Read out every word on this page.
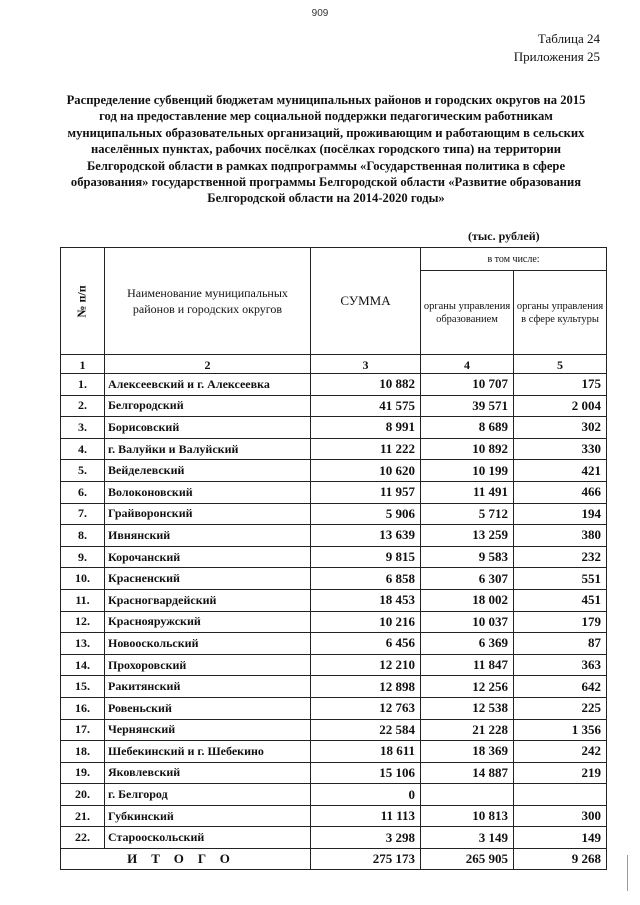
909
Таблица 24
Приложения 25
Распределение субвенций бюджетам муниципальных районов и городских округов на 2015 год на предоставление мер социальной поддержки педагогическим работникам муниципальных образовательных организаций, проживающим и работающим в сельских населённых пунктах, рабочих посёлках (посёлках городского типа) на территории Белгородской области в рамках подпрограммы «Государственная политика в сфере образования» государственной программы Белгородской области «Развитие образования Белгородской области на 2014-2020 годы»
(тыс. рублей)
№ п/п	Наименование муниципальных районов и городских округов	СУММА	в том числе:	
			органы управления образованием	органы управления в сфере культуры
1	2	3	4	5
1.	Алексеевский и г. Алексеевка	10 882	10 707	175
2.	Белгородский	41 575	39 571	2 004
3.	Борисовский	8 991	8 689	302
4.	г. Валуйки и Валуйский	11 222	10 892	330
5.	Вейделевский	10 620	10 199	421
6.	Волоконовский	11 957	11 491	466
7.	Грайворонский	5 906	5 712	194
8.	Ивнянский	13 639	13 259	380
9.	Корочанский	9 815	9 583	232
10.	Красненский	6 858	6 307	551
11.	Красногвардейский	18 453	18 002	451
12.	Краснояружский	10 216	10 037	179
13.	Новооскольский	6 456	6 369	87
14.	Прохоровский	12 210	11 847	363
15.	Ракитянский	12 898	12 256	642
16.	Ровеньский	12 763	12 538	225
17.	Чернянский	22 584	21 228	1 356
18.	Шебекинский и г. Шебекино	18 611	18 369	242
19.	Яковлевский	15 106	14 887	219
20.	г. Белгород	0		
21.	Губкинский	11 113	10 813	300
22.	Старооскольский	3 298	3 149	149
ИТОГО		275 173	265 905	9 268
